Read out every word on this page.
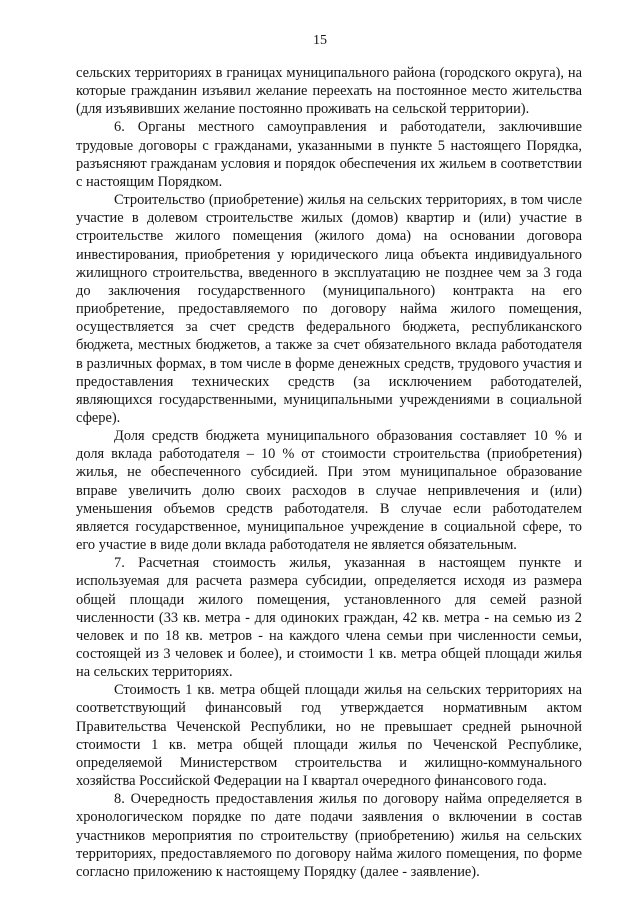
15

сельских территориях в границах муниципального района (городского округа), на которые гражданин изъявил желание переехать на постоянное место жительства (для изъявивших желание постоянно проживать на сельской территории).

6. Органы местного самоуправления и работодатели, заключившие трудовые договоры с гражданами, указанными в пункте 5 настоящего Порядка, разъясняют гражданам условия и порядок обеспечения их жильем в соответствии с настоящим Порядком.

Строительство (приобретение) жилья на сельских территориях, в том числе участие в долевом строительстве жилых (домов) квартир и (или) участие в строительстве жилого помещения (жилого дома) на основании договора инвестирования, приобретения у юридического лица объекта индивидуального жилищного строительства, введенного в эксплуатацию не позднее чем за 3 года до заключения государственного (муниципального) контракта на его приобретение, предоставляемого по договору найма жилого помещения, осуществляется за счет средств федерального бюджета, республиканского бюджета, местных бюджетов, а также за счет обязательного вклада работодателя в различных формах, в том числе в форме денежных средств, трудового участия и предоставления технических средств (за исключением работодателей, являющихся государственными, муниципальными учреждениями в социальной сфере).

Доля средств бюджета муниципального образования составляет 10 % и доля вклада работодателя – 10 % от стоимости строительства (приобретения) жилья, не обеспеченного субсидией. При этом муниципальное образование вправе увеличить долю своих расходов в случае непривлечения и (или) уменьшения объемов средств работодателя. В случае если работодателем является государственное, муниципальное учреждение в социальной сфере, то его участие в виде доли вклада работодателя не является обязательным.

7. Расчетная стоимость жилья, указанная в настоящем пункте и используемая для расчета размера субсидии, определяется исходя из размера общей площади жилого помещения, установленного для семей разной численности (33 кв. метра - для одиноких граждан, 42 кв. метра - на семью из 2 человек и по 18 кв. метров - на каждого члена семьи при численности семьи, состоящей из 3 человек и более), и стоимости 1 кв. метра общей площади жилья на сельских территориях.

Стоимость 1 кв. метра общей площади жилья на сельских территориях на соответствующий финансовый год утверждается нормативным актом Правительства Чеченской Республики, но не превышает средней рыночной стоимости 1 кв. метра общей площади жилья по Чеченской Республике, определяемой Министерством строительства и жилищно-коммунального хозяйства Российской Федерации на I квартал очередного финансового года.

8. Очередность предоставления жилья по договору найма определяется в хронологическом порядке по дате подачи заявления о включении в состав участников мероприятия по строительству (приобретению) жилья на сельских территориях, предоставляемого по договору найма жилого помещения, по форме согласно приложению к настоящему Порядку (далее - заявление).
